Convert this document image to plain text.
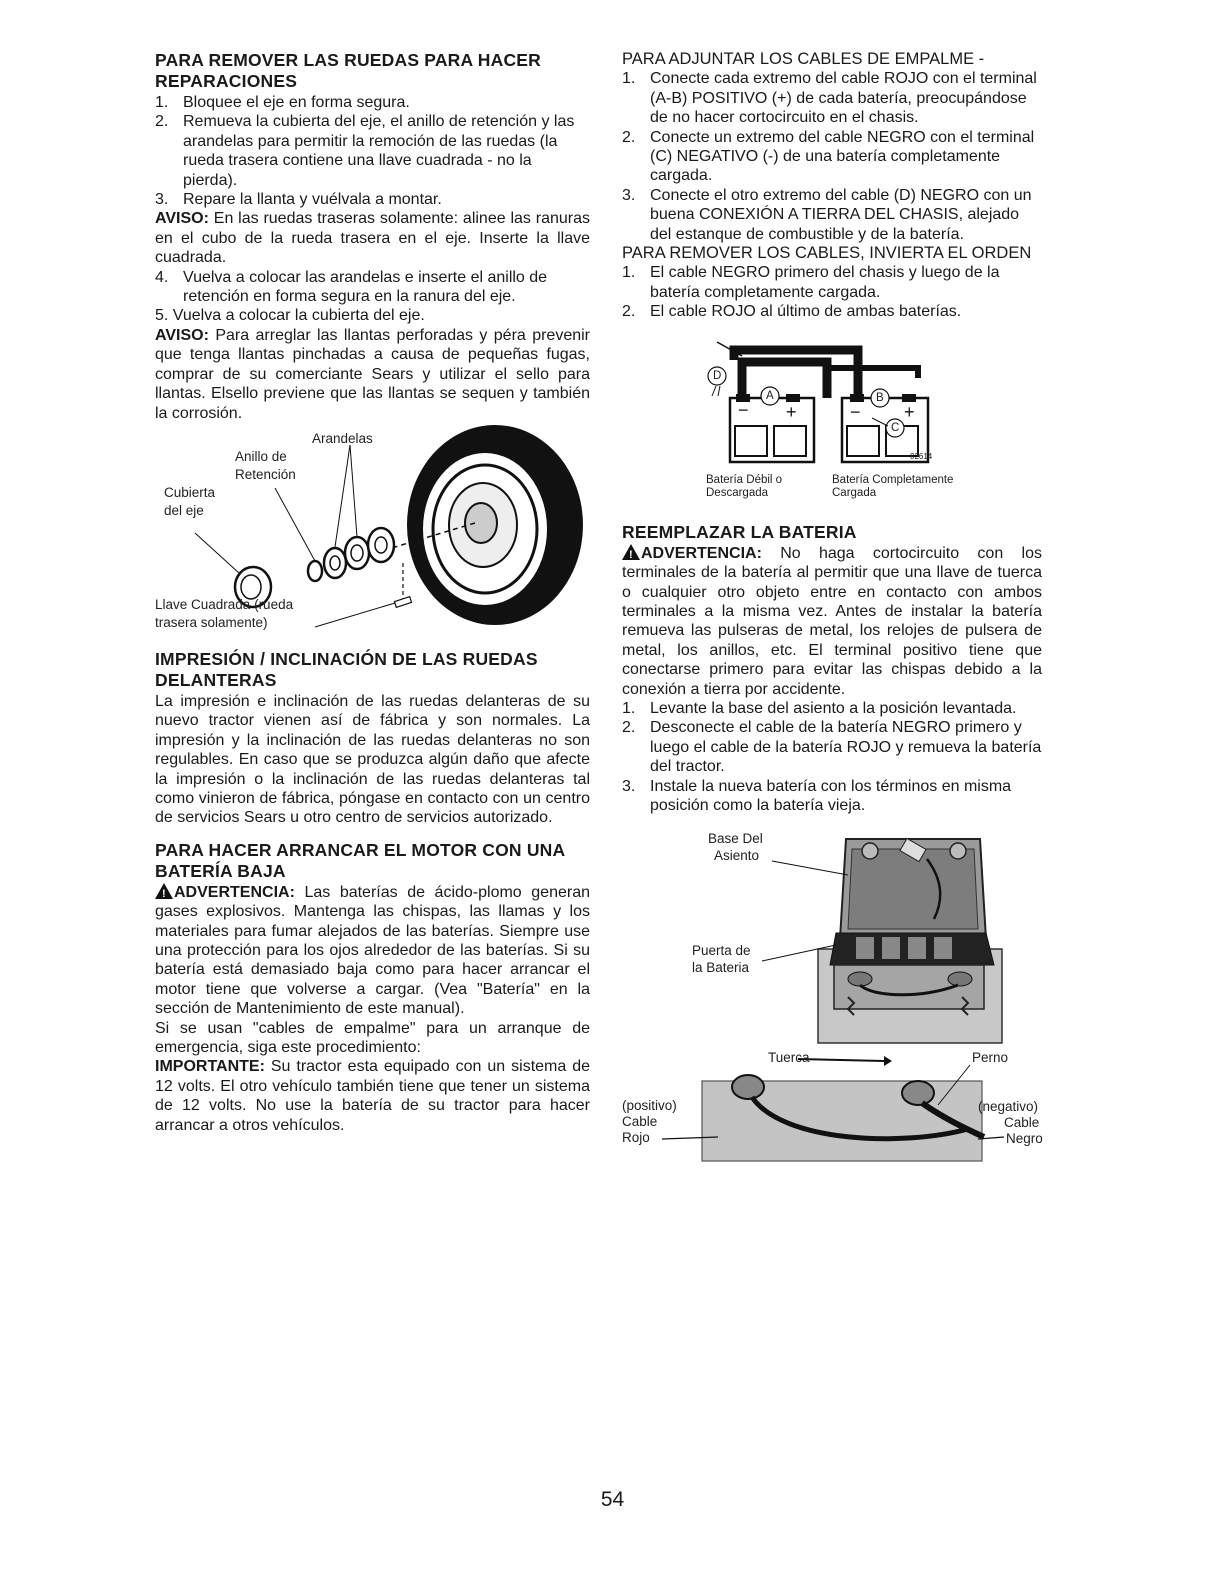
PARA REMOVER LAS RUEDAS PARA HACER REPARACIONES
1. Bloquee el eje en forma segura.
2. Remueva la cubierta del eje, el anillo de retención y las arandelas para permitir la remoción de las ruedas (la rueda trasera contiene una llave cuadrada - no la pierda).
3. Repare la llanta y vuélvala a montar.

AVISO: En las ruedas traseras solamente: alinee las ranuras en el cubo de la rueda trasera en el eje. Inserte la llave cuadrada.

4. Vuelva a colocar las arandelas e inserte el anillo de retención en forma segura en la ranura del eje.

5. Vuelva a colocar la cubierta del eje.

AVISO: Para arreglar las llantas perforadas y péra prevenir que tenga llantas pinchadas a causa de pequeñas fugas, comprar de su comerciante Sears y utilizar el sello para llantas. Elsello previene que las llantas se sequen y también la corrosión.

Arandelas
Anillo de
Retención
Cubierta
del eje
Llave Cuadrada (rueda
trasera solamente)
IMPRESIÓN / INCLINACIÓN DE LAS RUEDAS DELANTERAS

La impresión e inclinación de las ruedas delanteras de su nuevo tractor vienen así de fábrica y son normales. La impresión y la inclinación de las ruedas delanteras no son regulables. En caso que se produzca algún daño que afecte la impresión o la inclinación de las ruedas delanteras tal como vinieron de fábrica, póngase en contacto con un centro de servicios Sears u otro centro de servicios autorizado.

PARA HACER ARRANCAR EL MOTOR CON UNA BATERÍA BAJA

!ADVERTENCIA: Las baterías de ácido-plomo generan gases explosivos. Mantenga las chispas, las llamas y los materiales para fumar alejados de las baterías. Siempre use una protección para los ojos alrededor de las baterías. Si su batería está demasiado baja como para hacer arrancar el motor tiene que volverse a cargar. (Vea "Batería" en la sección de Mantenimiento de este manual).

Si se usan "cables de empalme" para un arranque de emergencia, siga este procedimiento:

IMPORTANTE: Su tractor esta equipado con un sistema de 12 volts. El otro vehículo también tiene que tener un sistema de 12 volts. No use la batería de su tractor para hacer arrancar a otros vehículos.

PARA ADJUNTAR LOS CABLES DE EMPALME -

1. Conecte cada extremo del cable ROJO con el terminal (A-B) POSITIVO (+) de cada batería, preocupándose de no hacer cortocircuito en el chasis.
2. Conecte un extremo del cable NEGRO con el terminal (C) NEGATIVO (-) de una batería completamente cargada.
3. Conecte el otro extremo del cable (D) NEGRO con un buena CONEXIÓN A TIERRA DEL CHASIS, alejado del estanque de combustible y de la batería.

PARA REMOVER LOS CABLES, INVIERTA EL ORDEN

1. El cable NEGRO primero del chasis y luego de la batería completamente cargada.
2. El cable ROJO al último de ambas baterías.
− +	− +
D
A	B
C
02614
Batería Débil o
Descargada
Batería Completamente
Cargada
REEMPLAZAR LA BATERIA

!ADVERTENCIA: No haga cortocircuito con los terminales de la batería al permitir que una llave de tuerca o cualquier otro objeto entre en contacto con ambos terminales a la misma vez. Antes de instalar la batería remueva las pulseras de metal, los relojes de pulsera de metal, los anillos, etc. El terminal positivo tiene que conectarse primero para evitar las chispas debido a la conexión a tierra por accidente.

1. Levante la base del asiento a la posición levantada.
2. Desconecte el cable de la batería NEGRO primero y luego el cable de la batería ROJO y remueva la batería del tractor.
3. Instale la nueva batería con los términos en misma posición como la batería vieja.
Base Del
Asiento
Puerta de
la Bateria
Tuerca	Perno
(positivo)
Cable
Rojo
(negativo)
Cable
Negro
54
